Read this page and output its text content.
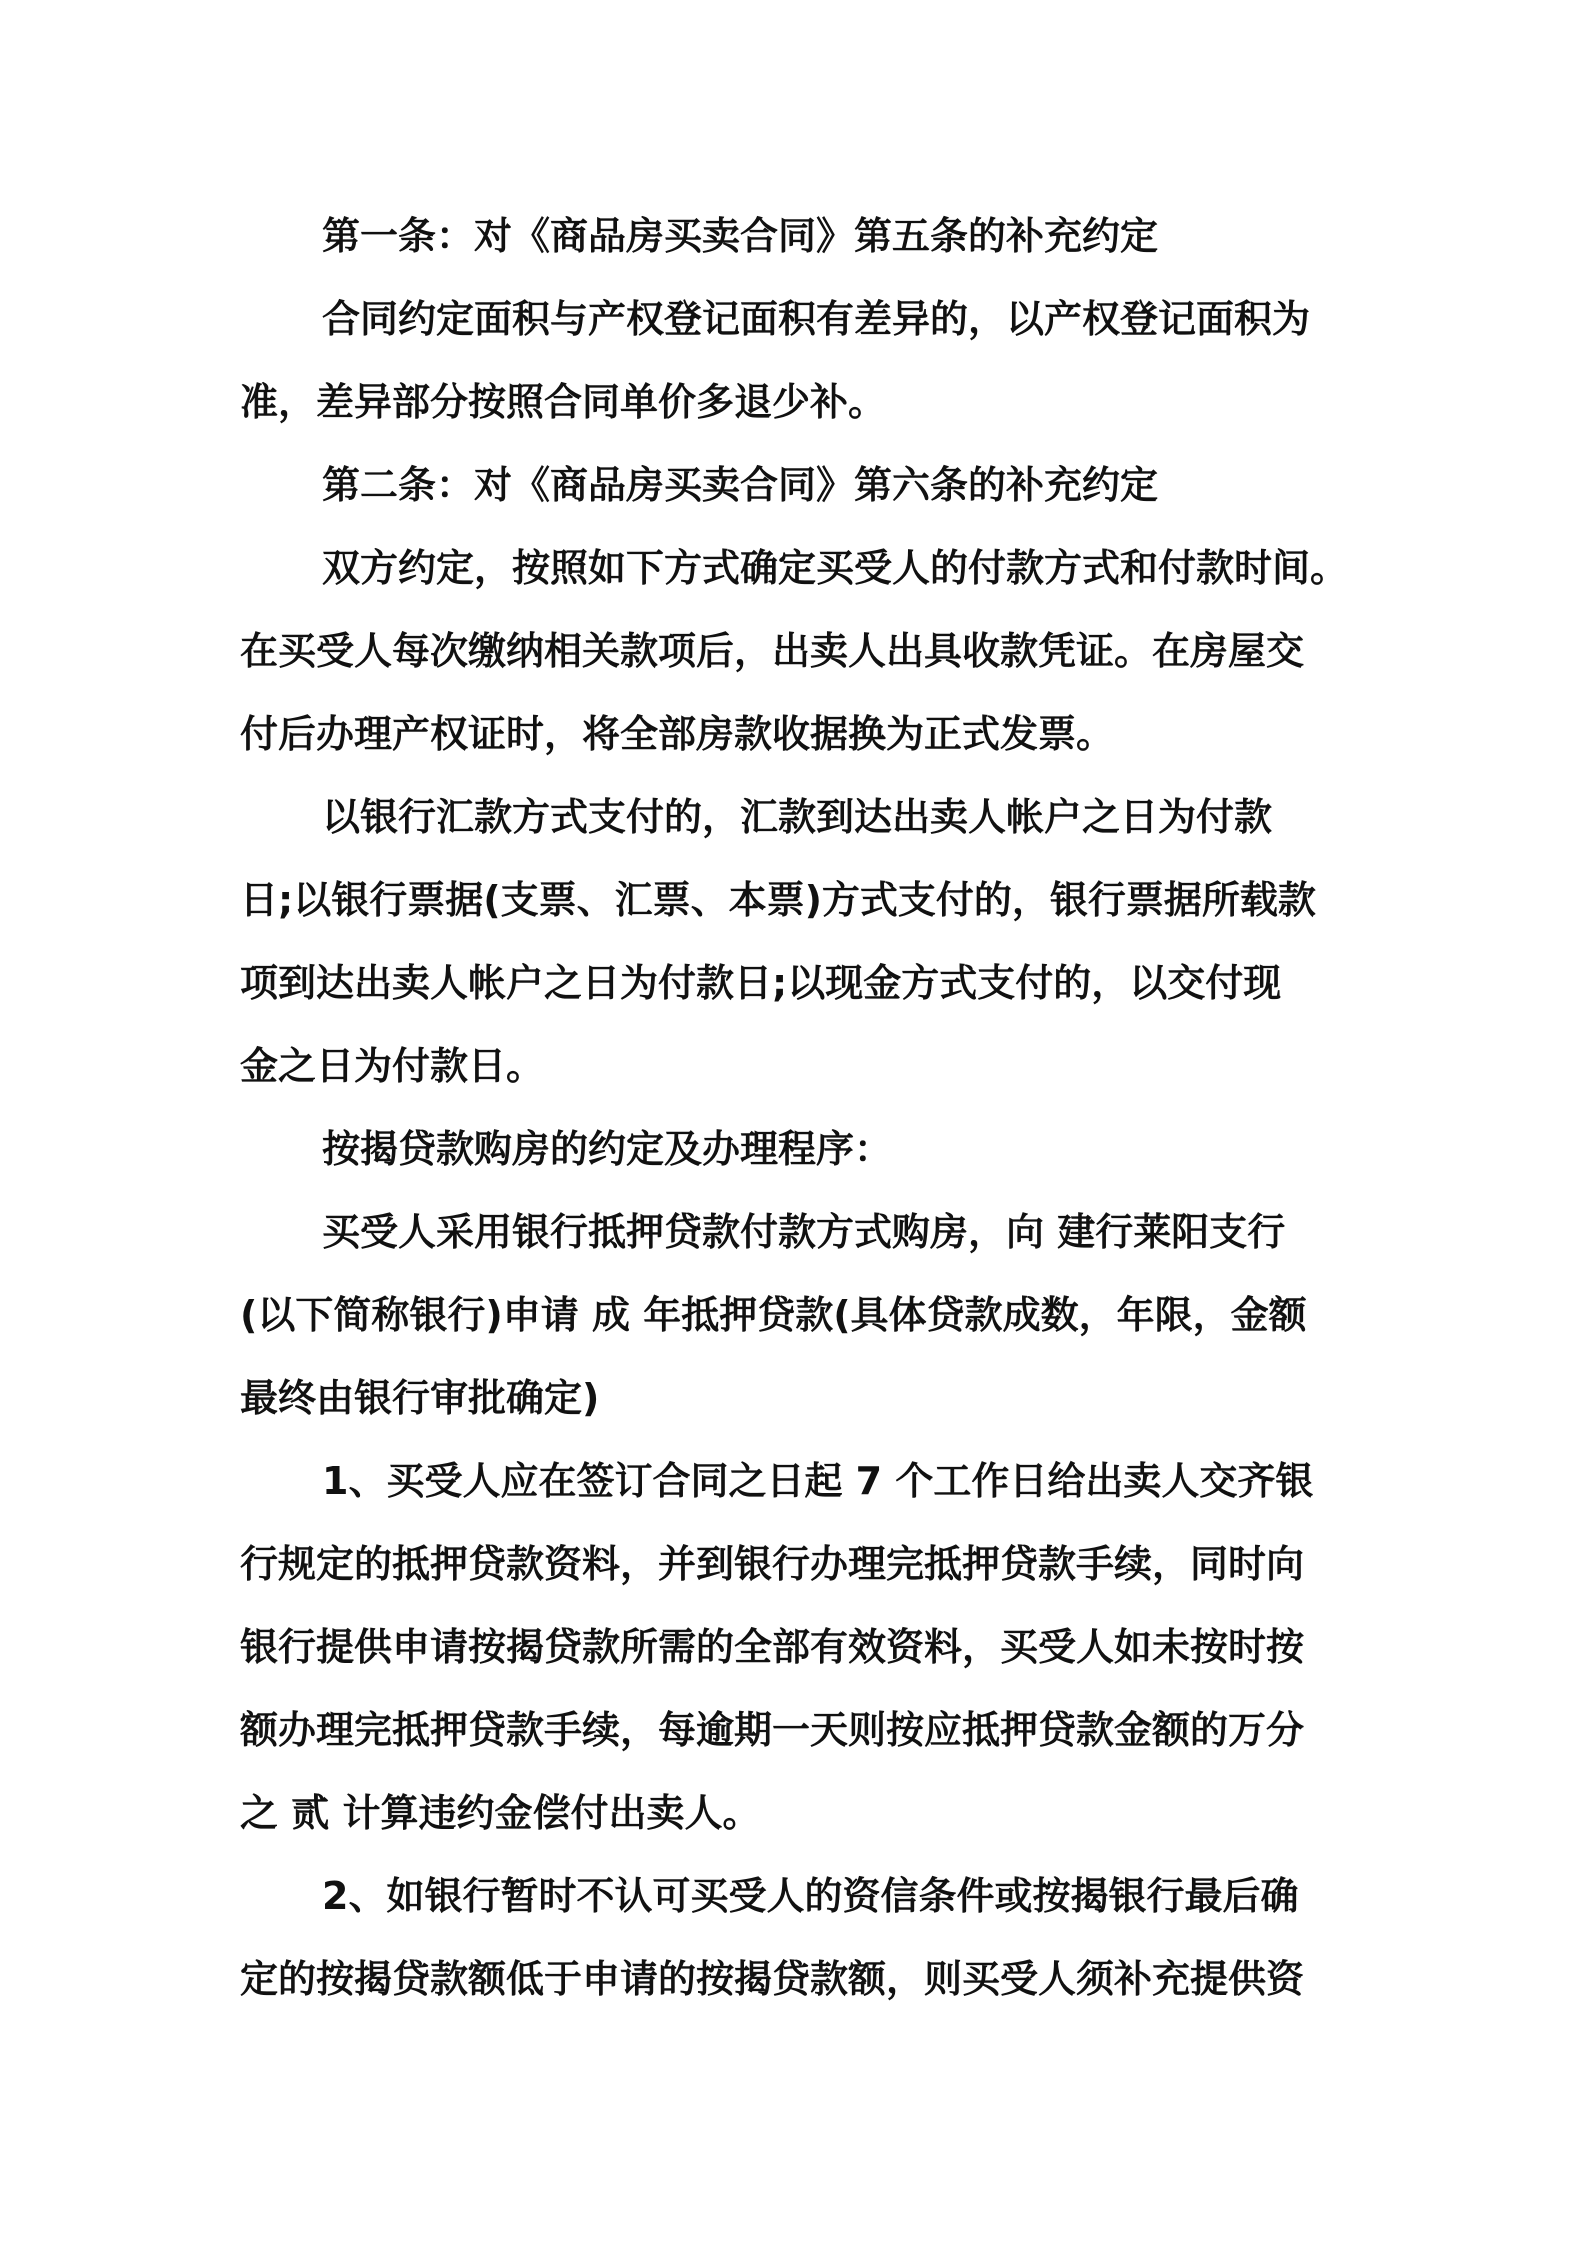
第一条：对《商品房买卖合同》第五条的补充约定
合同约定面积与产权登记面积有差异的，以产权登记面积为
准，差异部分按照合同单价多退少补。
第二条：对《商品房买卖合同》第六条的补充约定
双方约定，按照如下方式确定买受人的付款方式和付款时间。
在买受人每次缴纳相关款项后，出卖人出具收款凭证。在房屋交
付后办理产权证时，将全部房款收据换为正式发票。
以银行汇款方式支付的，汇款到达出卖人帐户之日为付款
日;以银行票据(支票、汇票、本票)方式支付的，银行票据所载款
项到达出卖人帐户之日为付款日;以现金方式支付的，以交付现
金之日为付款日。
按揭贷款购房的约定及办理程序：
买受人采用银行抵押贷款付款方式购房，向 建行莱阳支行
(以下简称银行)申请 成 年抵押贷款(具体贷款成数，年限，金额
最终由银行审批确定)
1、买受人应在签订合同之日起 7 个工作日给出卖人交齐银
行规定的抵押贷款资料，并到银行办理完抵押贷款手续，同时向
银行提供申请按揭贷款所需的全部有效资料，买受人如未按时按
额办理完抵押贷款手续，每逾期一天则按应抵押贷款金额的万分
之 贰 计算违约金偿付出卖人。
2、如银行暂时不认可买受人的资信条件或按揭银行最后确
定的按揭贷款额低于申请的按揭贷款额，则买受人须补充提供资
